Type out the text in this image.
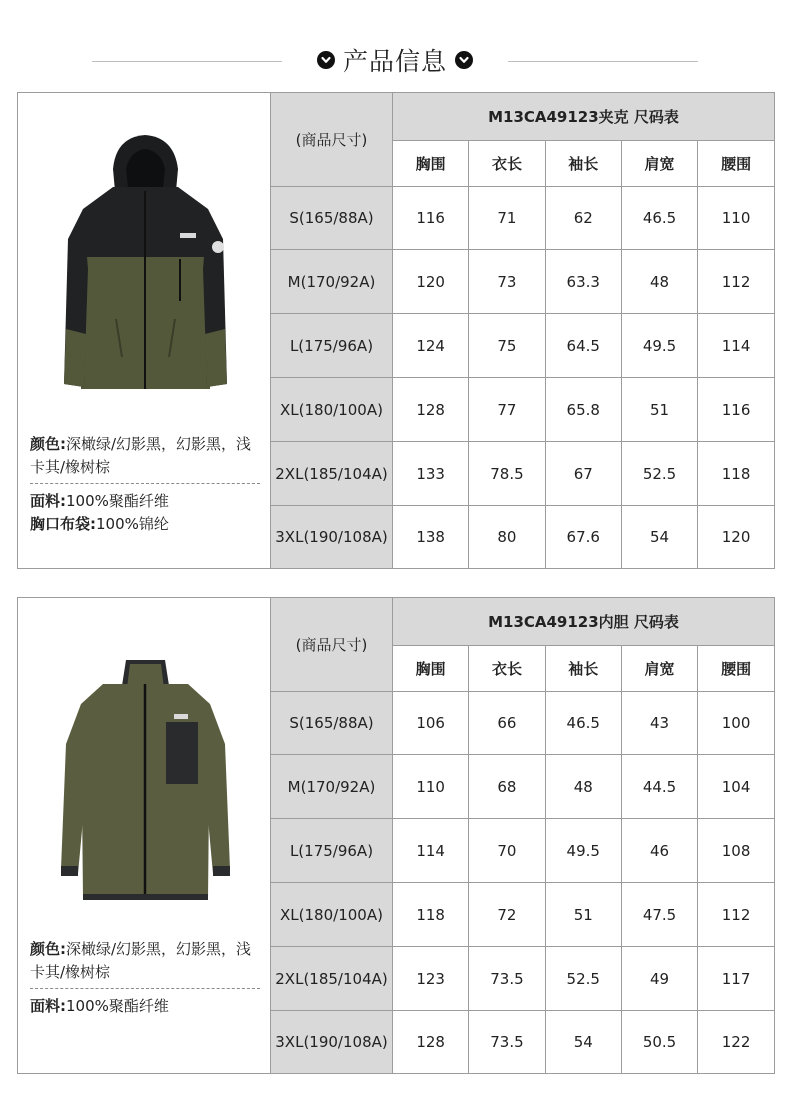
产品信息
颜色:深橄绿/幻影黑，幻影黑，浅卡其/橡树棕
面料:100%聚酯纤维
胸口布袋:100%锦纶
(商品尺寸)	M13CA49123夹克 尺码表				
	胸围	衣长	袖长	肩宽	腰围
S(165/88A)	116	71	62	46.5	110
M(170/92A)	120	73	63.3	48	112
L(175/96A)	124	75	64.5	49.5	114
XL(180/100A)	128	77	65.8	51	116
2XL(185/104A)	133	78.5	67	52.5	118
3XL(190/108A)	138	80	67.6	54	120
颜色:深橄绿/幻影黑，幻影黑，浅卡其/橡树棕
面料:100%聚酯纤维
(商品尺寸)	M13CA49123内胆 尺码表				
	胸围	衣长	袖长	肩宽	腰围
S(165/88A)	106	66	46.5	43	100
M(170/92A)	110	68	48	44.5	104
L(175/96A)	114	70	49.5	46	108
XL(180/100A)	118	72	51	47.5	112
2XL(185/104A)	123	73.5	52.5	49	117
3XL(190/108A)	128	73.5	54	50.5	122
